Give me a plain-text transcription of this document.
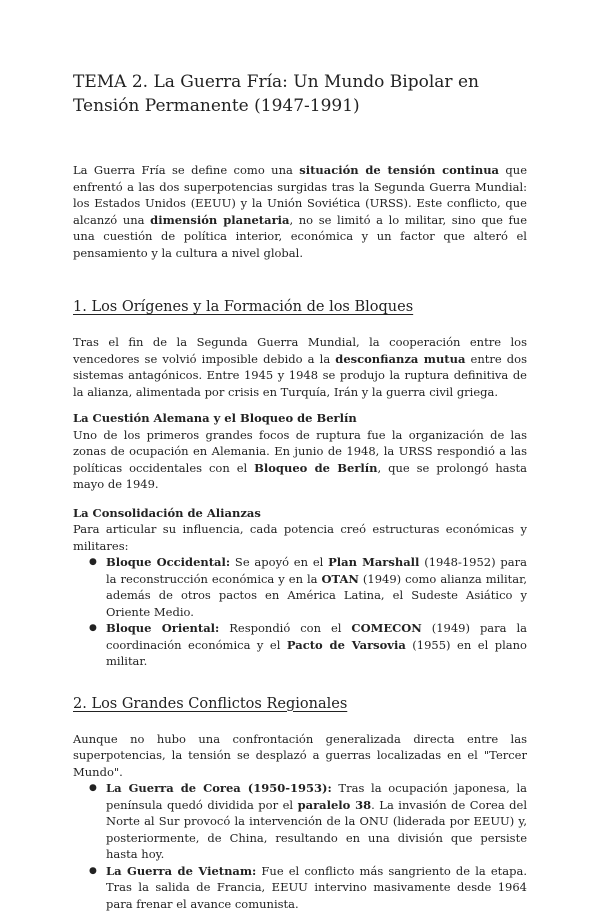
TEMA 2. La Guerra Fría: Un Mundo Bipolar en Tensión Permanente (1947-1991)

La Guerra Fría se define como una situación de tensión continua que enfrentó a las dos superpotencias surgidas tras la Segunda Guerra Mundial: los Estados Unidos (EEUU) y la Unión Soviética (URSS). Este conflicto, que alcanzó una dimensión planetaria, no se limitó a lo militar, sino que fue una cuestión de política interior, económica y un factor que alteró el pensamiento y la cultura a nivel global.

1. Los Orígenes y la Formación de los Bloques

Tras el fin de la Segunda Guerra Mundial, la cooperación entre los vencedores se volvió imposible debido a la desconfianza mutua entre dos sistemas antagónicos. Entre 1945 y 1948 se produjo la ruptura definitiva de la alianza, alimentada por crisis en Turquía, Irán y la guerra civil griega.

La Cuestión Alemana y el Bloqueo de Berlín

Uno de los primeros grandes focos de ruptura fue la organización de las zonas de ocupación en Alemania. En junio de 1948, la URSS respondió a las políticas occidentales con el Bloqueo de Berlín, que se prolongó hasta mayo de 1949.

La Consolidación de Alianzas

Para articular su influencia, cada potencia creó estructuras económicas y militares:

● Bloque Occidental: Se apoyó en el Plan Marshall (1948-1952) para la reconstrucción económica y en la OTAN (1949) como alianza militar, además de otros pactos en América Latina, el Sudeste Asiático y Oriente Medio.
● Bloque Oriental: Respondió con el COMECON (1949) para la coordinación económica y el Pacto de Varsovia (1955) en el plano militar.
2. Los Grandes Conflictos Regionales

Aunque no hubo una confrontación generalizada directa entre las superpotencias, la tensión se desplazó a guerras localizadas en el "Tercer Mundo".

● La Guerra de Corea (1950-1953): Tras la ocupación japonesa, la península quedó dividida por el paralelo 38. La invasión de Corea del Norte al Sur provocó la intervención de la ONU (liderada por EEUU) y, posteriormente, de China, resultando en una división que persiste hasta hoy.
● La Guerra de Vietnam: Fue el conflicto más sangriento de la etapa. Tras la salida de Francia, EEUU intervino masivamente desde 1964 para frenar el avance comunista.
